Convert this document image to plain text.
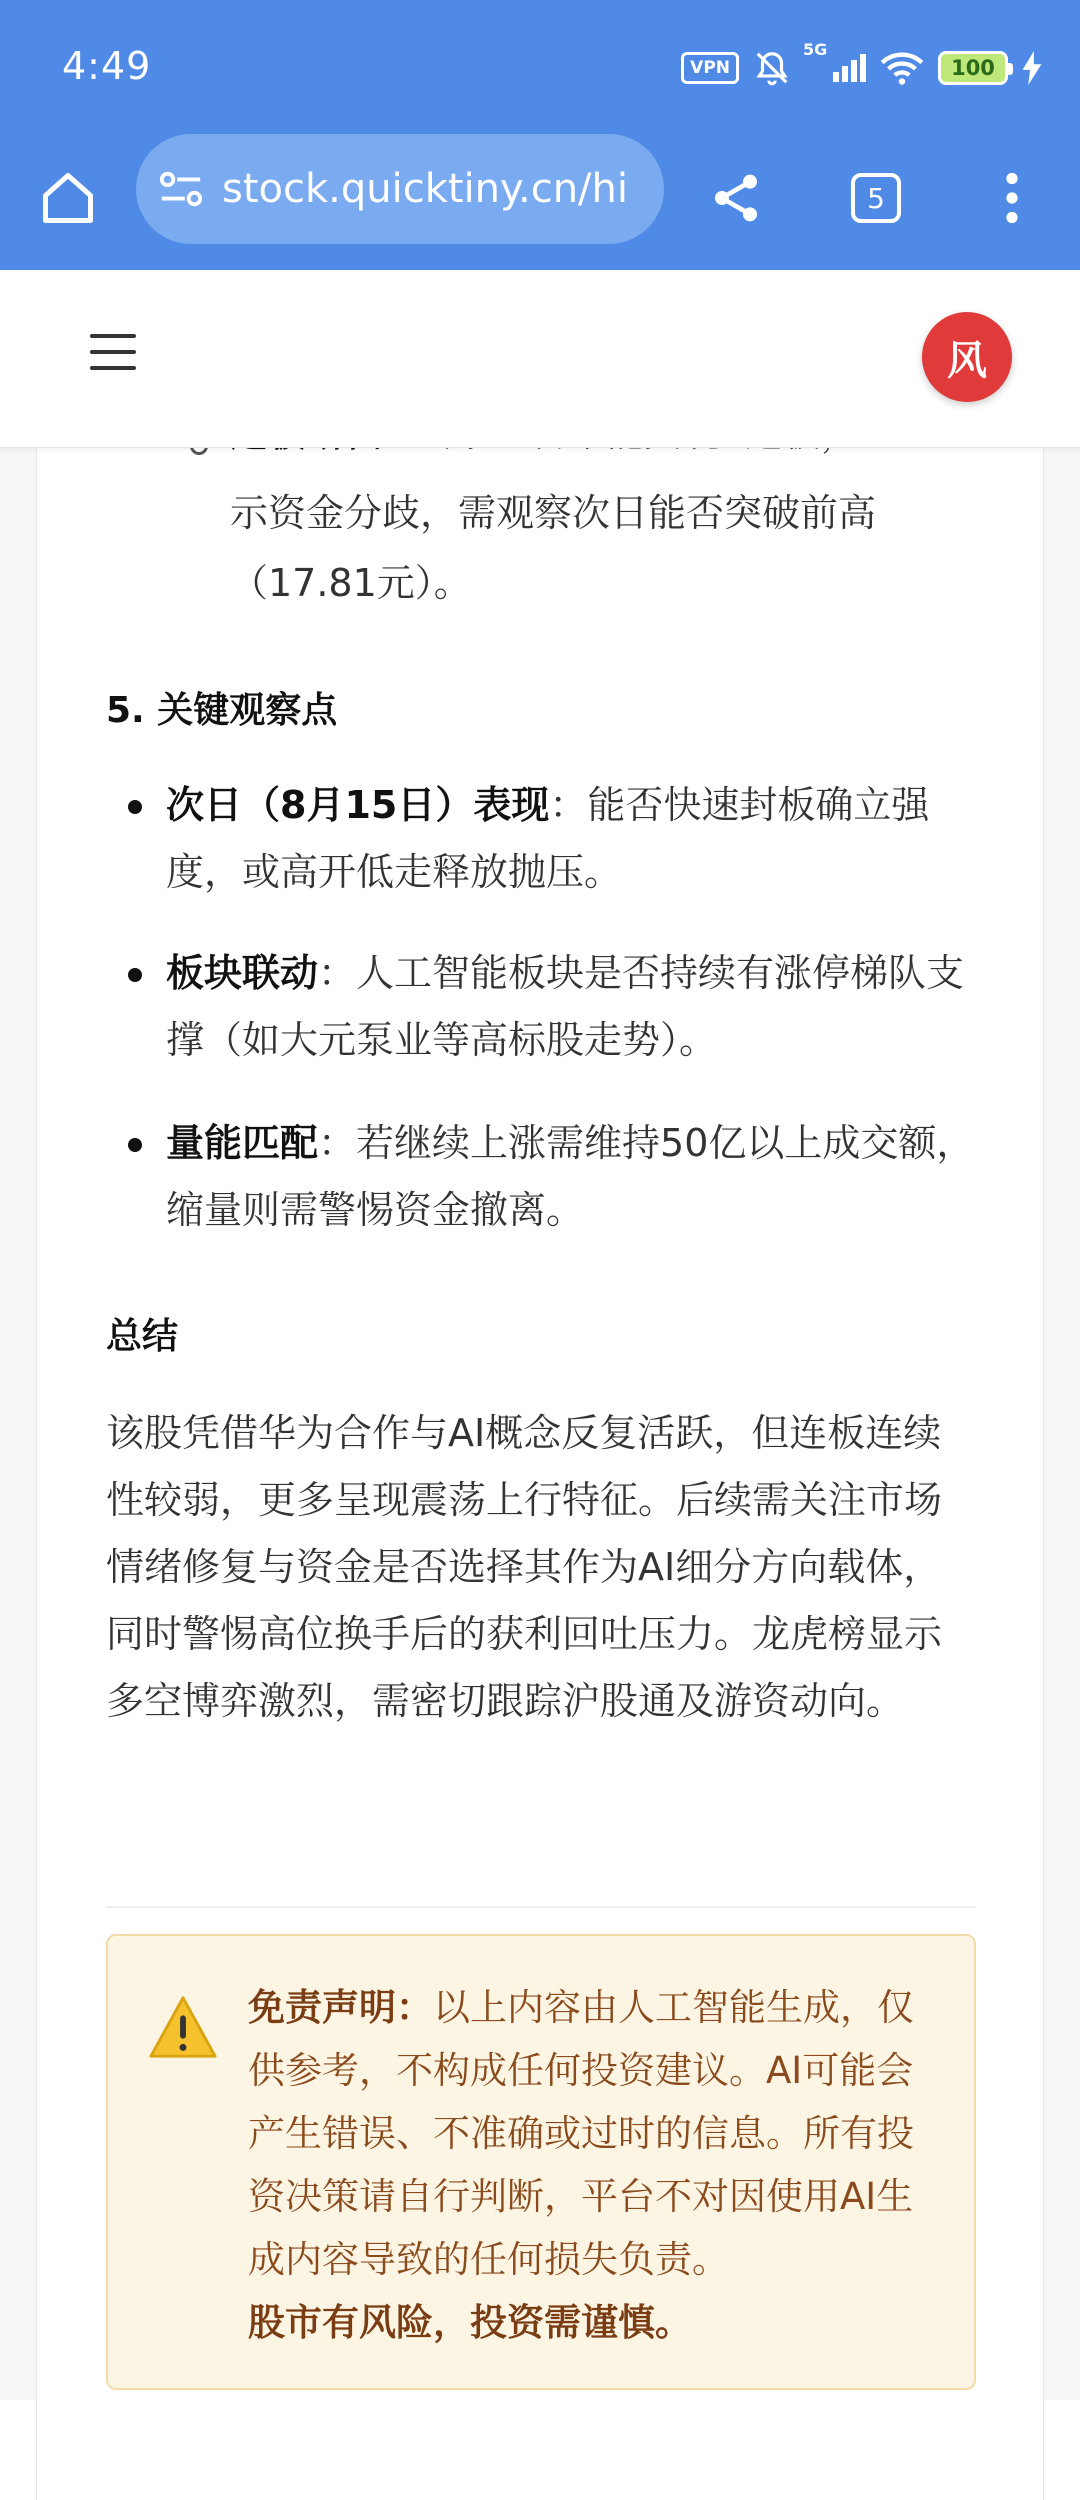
4:49	VPN
5G
100
stock.quicktiny.cn/hi	5
风
示资金分歧，需观察次日能否突破前高
（17.81元）。
5. 关键观察点
次日（8月15日）表现：能否快速封板确立强度，或高开低走释放抛压。
板块联动：人工智能板块是否持续有涨停梯队支撑（如大元泵业等高标股走势）。
量能匹配：若继续上涨需维持50亿以上成交额，缩量则需警惕资金撤离。
总结
该股凭借华为合作与AI概念反复活跃，但连板连续性较弱，更多呈现震荡上行特征。后续需关注市场情绪修复与资金是否选择其作为AI细分方向载体，同时警惕高位换手后的获利回吐压力。龙虎榜显示多空博弈激烈，需密切跟踪沪股通及游资动向。
免责声明：以上内容由人工智能生成，仅供参考，不构成任何投资建议。AI可能会产生错误、不准确或过时的信息。所有投资决策请自行判断，平台不对因使用AI生成内容导致的任何损失负责。
股市有风险，投资需谨慎。
